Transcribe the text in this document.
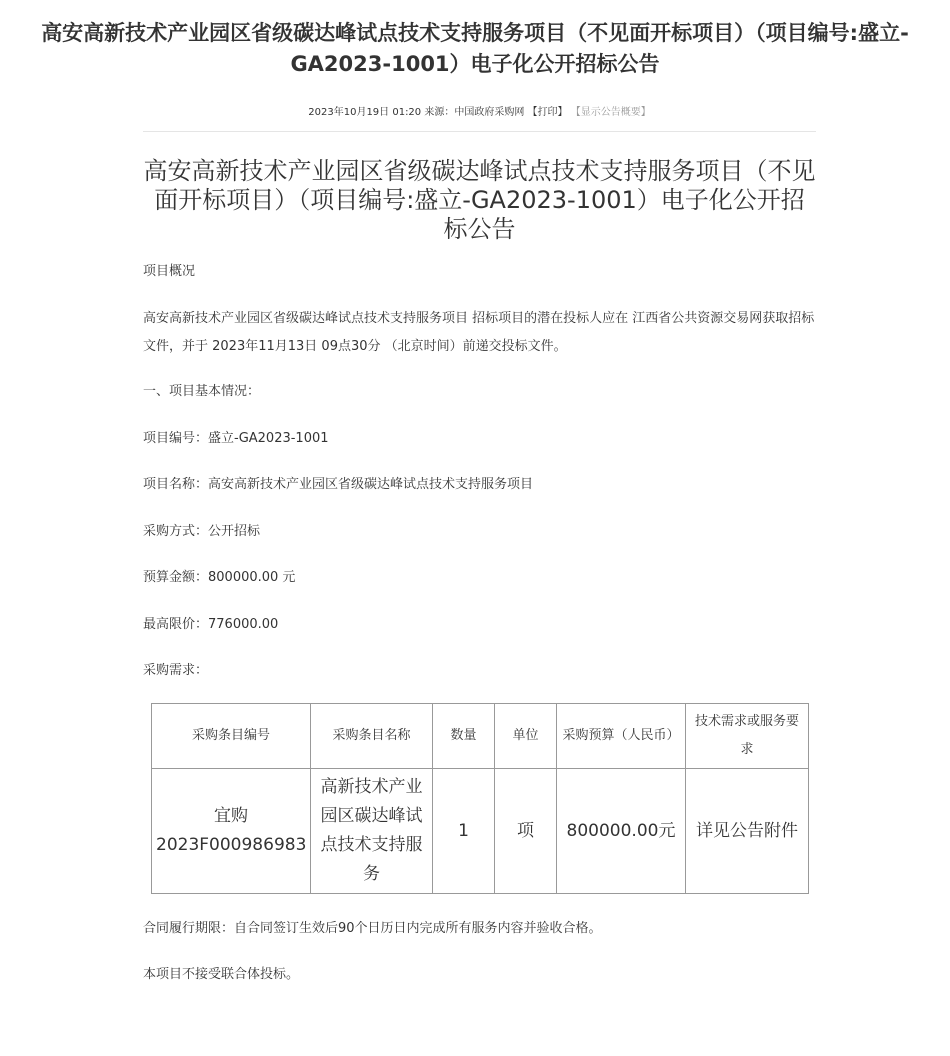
高安高新技术产业园区省级碳达峰试点技术支持服务项目（不见面开标项目）（项目编号:盛立-GA2023-1001）电子化公开招标公告
2023年10月19日 01:20 来源：中国政府采购网 【打印】 【显示公告概要】
高安高新技术产业园区省级碳达峰试点技术支持服务项目（不见面开标项目）（项目编号:盛立-GA2023-1001）电子化公开招标公告

项目概况

高安高新技术产业园区省级碳达峰试点技术支持服务项目 招标项目的潜在投标人应在 江西省公共资源交易网获取招标文件，并于 2023年11月13日 09点30分 （北京时间）前递交投标文件。

一、项目基本情况：

项目编号：盛立-GA2023-1001

项目名称：高安高新技术产业园区省级碳达峰试点技术支持服务项目

采购方式：公开招标

预算金额：800000.00 元

最高限价：776000.00

采购需求：

采购条目编号	采购条目名称	数量	单位	采购预算（人民币）	技术需求或服务要求
宜购2023F000986983	高新技术产业园区碳达峰试点技术支持服务	1	项	800000.00元	详见公告附件

合同履行期限：自合同签订生效后90个日历日内完成所有服务内容并验收合格。

本项目不接受联合体投标。
